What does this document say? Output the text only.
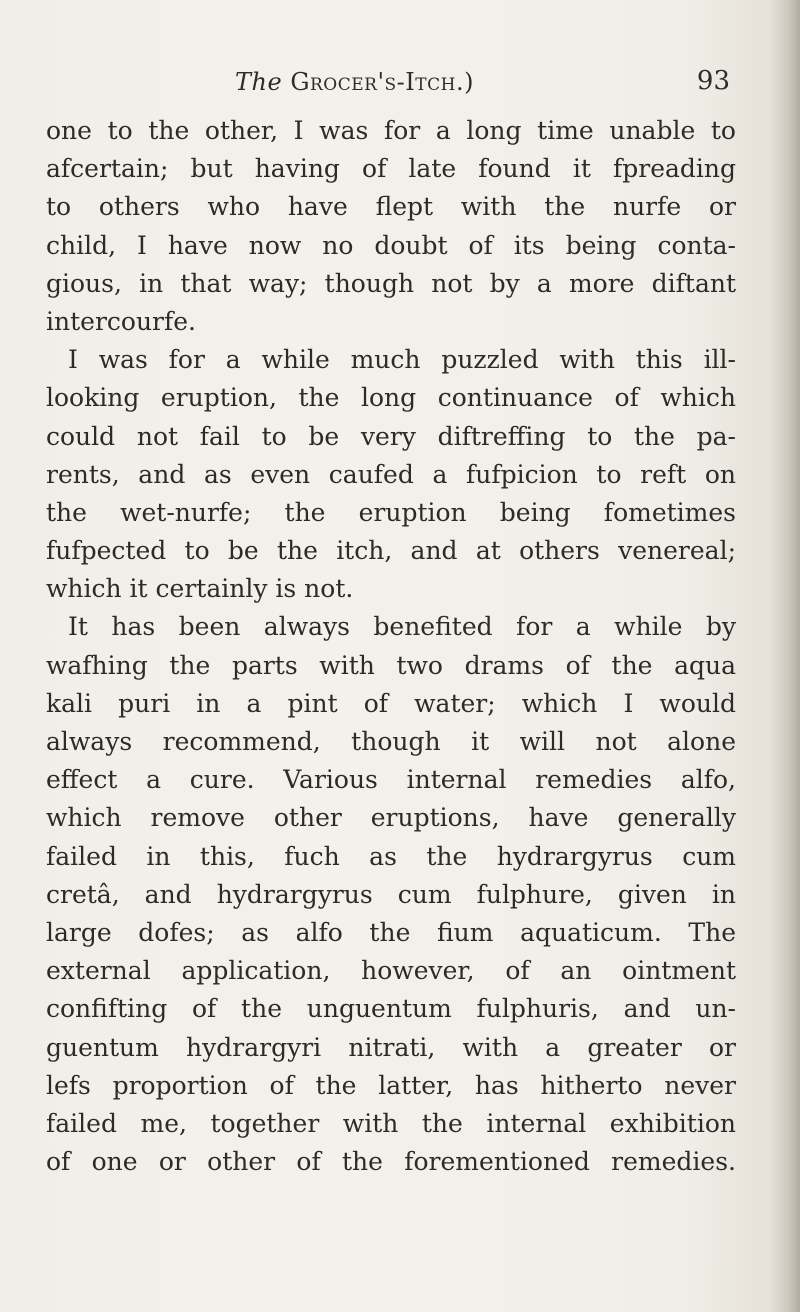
The Grocer's-Itch.)	93
one to the other, I was for a long time unable to
afcertain; but having of late found it fpreading
to others who have flept with the nurfe or
child, I have now no doubt of its being conta-
gious, in that way; though not by a more diftant
intercourfe.
I was for a while much puzzled with this ill-
looking eruption, the long continuance of which
could not fail to be very diftreffing to the pa-
rents, and as even caufed a fufpicion to reft on
the wet-nurfe; the eruption being fometimes
fufpected to be the itch, and at others venereal;
which it certainly is not.
It has been always benefited for a while by
wafhing the parts with two drams of the aqua
kali puri in a pint of water; which I would
always recommend, though it will not alone
effect a cure. Various internal remedies alfo,
which remove other eruptions, have generally
failed in this, fuch as the hydrargyrus cum
cretâ, and hydrargyrus cum fulphure, given in
large dofes; as alfo the fium aquaticum. The
external application, however, of an ointment
confifting of the unguentum fulphuris, and un-
guentum hydrargyri nitrati, with a greater or
lefs proportion of the latter, has hitherto never
failed me, together with the internal exhibition
of one or other of the forementioned remedies.
